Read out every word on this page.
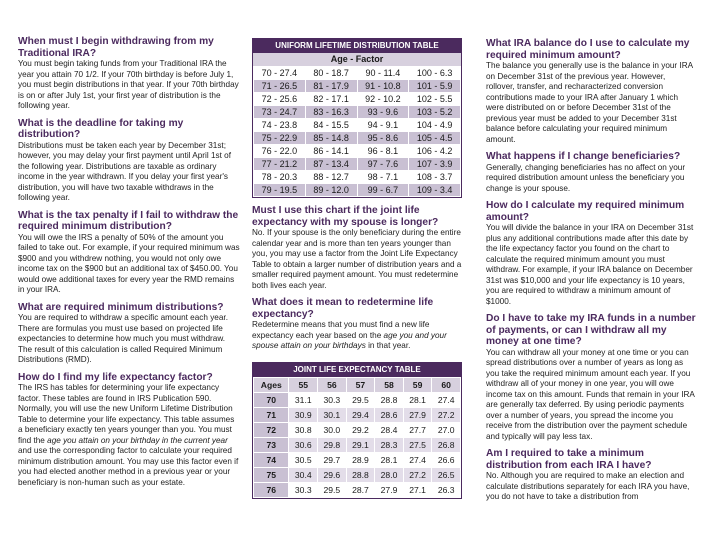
When must I begin withdrawing from my Traditional IRA?

You must begin taking funds from your Traditional IRA the year you attain 70 1/2. If your 70th birthday is before July 1, you must begin distributions in that year. If your 70th birthday is on or after July 1st, your first year of distribution is the following year.

What is the deadline for taking my distribution?

Distributions must be taken each year by December 31st; however, you may delay your first payment until April 1st of the following year. Distributions are taxable as ordinary income in the year withdrawn. If you delay your first year's distribution, you will have two taxable withdraws in the following year.

What is the tax penalty if I fail to withdraw the required minimum distribution?

You will owe the IRS a penalty of 50% of the amount you failed to take out. For example, if your required minimum was $900 and you withdrew nothing, you would not only owe income tax on the $900 but an additional tax of $450.00. You would owe additional taxes for every year the RMD remains in your IRA.

What are required minimum distributions?

You are required to withdraw a specific amount each year. There are formulas you must use based on projected life expectancies to determine how much you must withdraw. The result of this calculation is called Required Minimum Distributions (RMD).

How do I find my life expectancy factor?

The IRS has tables for determining your life expectancy factor. These tables are found in IRS Publication 590. Normally, you will use the new Uniform Lifetime Distribution Table to determine your life expectancy. This table assumes a beneficiary exactly ten years younger than you. You must find the age you attain on your birthday in the current year and use the corresponding factor to calculate your required minimum distribution amount. You may use this factor even if you had elected another method in a previous year or your beneficiary is non-human such as your estate.

UNIFORM LIFETIME DISTRIBUTION TABLE
Age - Factor
70 - 27.4	80 - 18.7	90 - 11.4	100 - 6.3
71 - 26.5	81 - 17.9	91 - 10.8	101 - 5.9
72 - 25.6	82 - 17.1	92 - 10.2	102 - 5.5
73 - 24.7	83 - 16.3	93 - 9.6	103 - 5.2
74 - 23.8	84 - 15.5	94 - 9.1	104 - 4.9
75 - 22.9	85 - 14.8	95 - 8.6	105 - 4.5
76 - 22.0	86 - 14.1	96 - 8.1	106 - 4.2
77 - 21.2	87 - 13.4	97 - 7.6	107 - 3.9
78 - 20.3	88 - 12.7	98 - 7.1	108 - 3.7
79 - 19.5	89 - 12.0	99 - 6.7	109 - 3.4

Must I use this chart if the joint life expectancy with my spouse is longer?

No. If your spouse is the only beneficiary during the entire calendar year and is more than ten years younger than you, you may use a factor from the Joint Life Expectancy Table to obtain a larger number of distribution years and a smaller required payment amount. You must redetermine both lives each year.

What does it mean to redetermine life expectancy?

Redetermine means that you must find a new life expectancy each year based on the age you and your spouse attain on your birthdays in that year.

JOINT LIFE EXPECTANCY TABLE
Ages	55	56	57	58	59	60
70	31.1	30.3	29.5	28.8	28.1	27.4
71	30.9	30.1	29.4	28.6	27.9	27.2
72	30.8	30.0	29.2	28.4	27.7	27.0
73	30.6	29.8	29.1	28.3	27.5	26.8
74	30.5	29.7	28.9	28.1	27.4	26.6
75	30.4	29.6	28.8	28.0	27.2	26.5
76	30.3	29.5	28.7	27.9	27.1	26.3

What IRA balance do I use to calculate my required minimum amount?

The balance you generally use is the balance in your IRA on December 31st of the previous year. However, rollover, transfer, and recharacterized conversion contributions made to your IRA after January 1 which were distributed on or before December 31st of the previous year must be added to your December 31st balance before calculating your required minimum amount.

What happens if I change beneficiaries?

Generally, changing beneficiaries has no affect on your required distribution amount unless the beneficiary you change is your spouse.

How do I calculate my required minimum amount?

You will divide the balance in your IRA on December 31st plus any additional contributions made after this date by the life expectancy factor you found on the chart to calculate the required minimum amount you must withdraw. For example, if your IRA balance on December 31st was $10,000 and your life expectancy is 10 years, you are required to withdraw a minimum amount of $1000.

Do I have to take my IRA funds in a number of payments, or can I withdraw all my money at one time?

You can withdraw all your money at one time or you can spread distributions over a number of years as long as you take the required minimum amount each year. If you withdraw all of your money in one year, you will owe income tax on this amount. Funds that remain in your IRA are generally tax deferred. By using periodic payments over a number of years, you spread the income you receive from the distribution over the payment schedule and typically will pay less tax.

Am I required to take a minimum distribution from each IRA I have?

No. Although you are required to make an election and calculate distributions separately for each IRA you have, you do not have to take a distribution from
